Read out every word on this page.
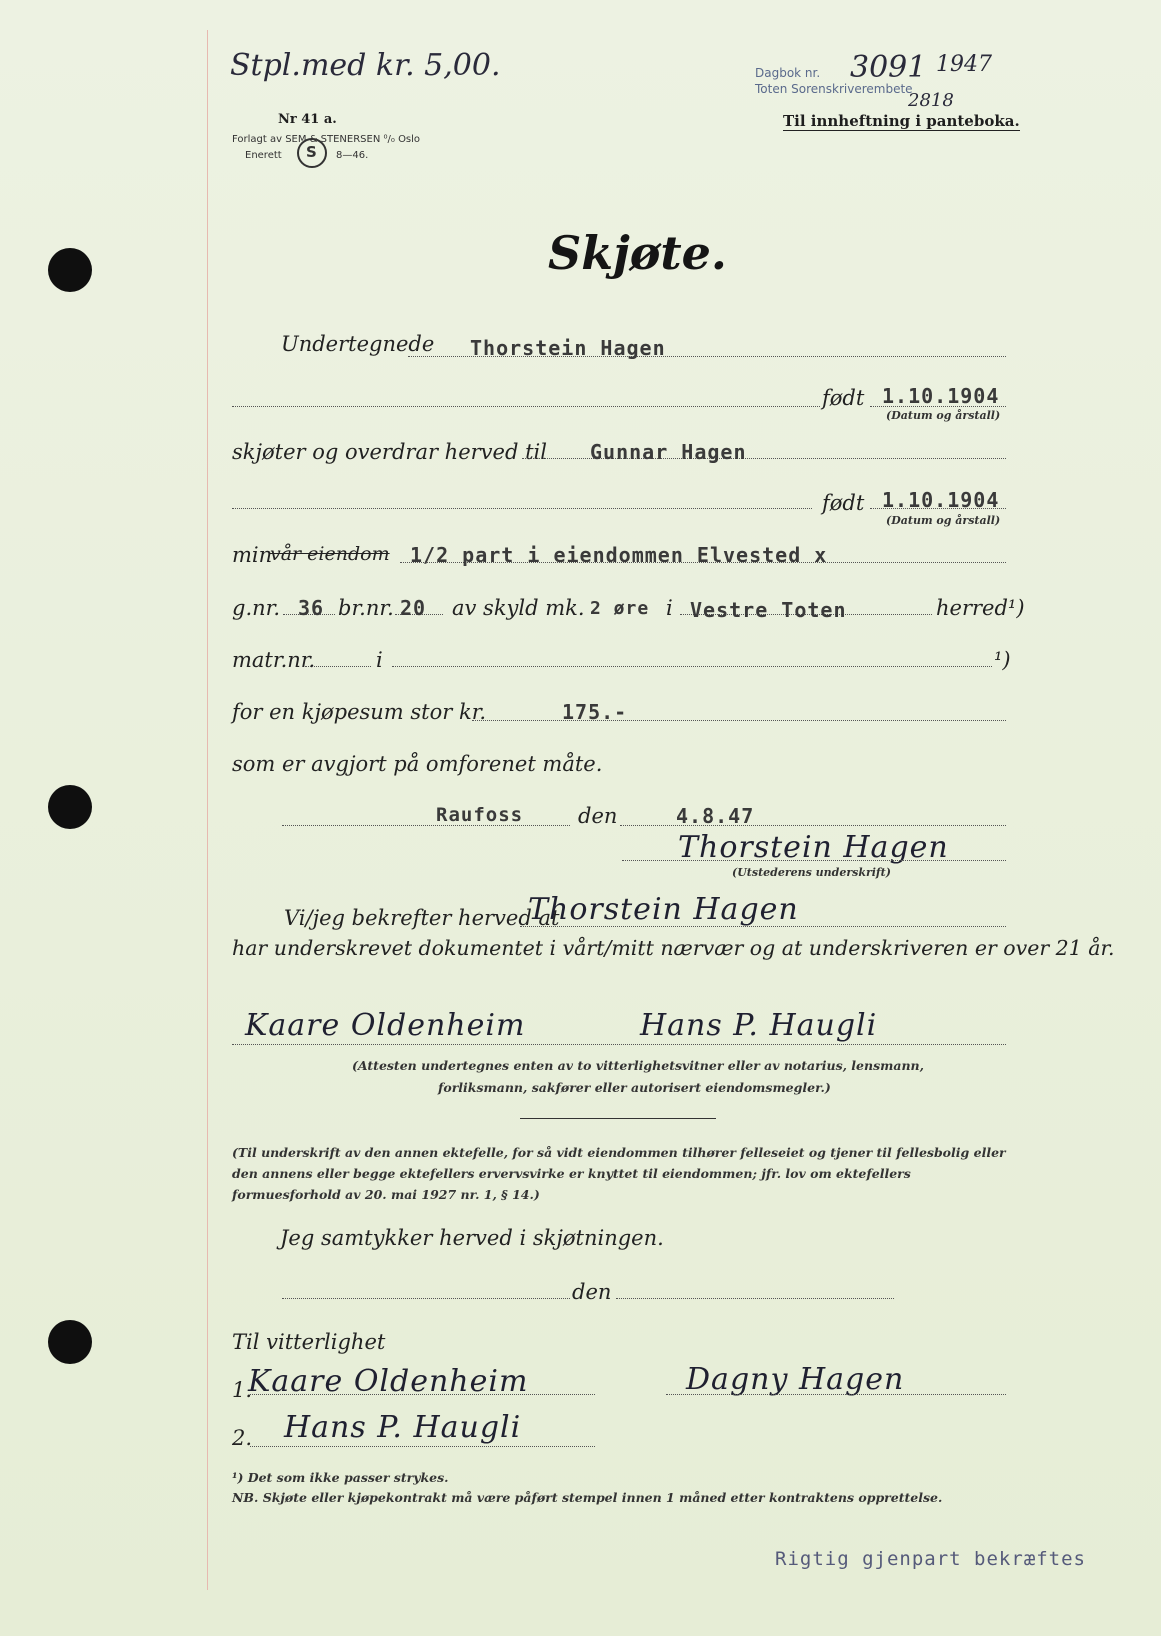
Stpl.med kr. 5,00.
Nr 41 a.
Forlagt av SEM & STENERSEN ⁰/₀ Oslo
Enerett S 8—46.
Dagbok nr.
Toten Sorenskriverembete
3091 1947
2818
Til innheftning i panteboka.
Skjøte.
Undertegnede Thorstein Hagen
født 1.10.1904
(Datum og årstall)
skjøter og overdrar herved til Gunnar Hagen
født 1.10.1904
(Datum og årstall)
min
vår eiendom 1/2 part i eiendommen Elvested x
g.nr. 36 br.nr. 20 av skyld mk. 2 øre i Vestre Toten	herred¹)
matr.nr.	i	¹)
for en kjøpesum stor kr.	175.-
som er avgjort på omforenet måte.
Raufoss	den	4.8.47
Thorstein Hagen
(Utstederens underskrift)
Vi/jeg bekrefter herved at
Thorstein Hagen
har underskrevet dokumentet i vårt/mitt nærvær og at underskriveren er over 21 år.
Kaare Oldenheim	Hans P. Haugli
(Attesten undertegnes enten av to vitterlighetsvitner eller av notarius, lensmann,
forliksmann, sakfører eller autorisert eiendomsmegler.)
(Til underskrift av den annen ektefelle, for så vidt eiendommen tilhører felleseiet og tjener til fellesbolig eller den annens eller begge ektefellers ervervsvirke er knyttet til eiendommen; jfr. lov om ektefellers formuesforhold av 20. mai 1927 nr. 1, § 14.)
Jeg samtykker herved i skjøtningen.
den
Til vitterlighet
1.
Kaare Oldenheim	Dagny Hagen
2. Hans P. Haugli
¹) Det som ikke passer strykes.
NB. Skjøte eller kjøpekontrakt må være påført stempel innen 1 måned etter kontraktens opprettelse.
Rigtig gjenpart bekræftes
